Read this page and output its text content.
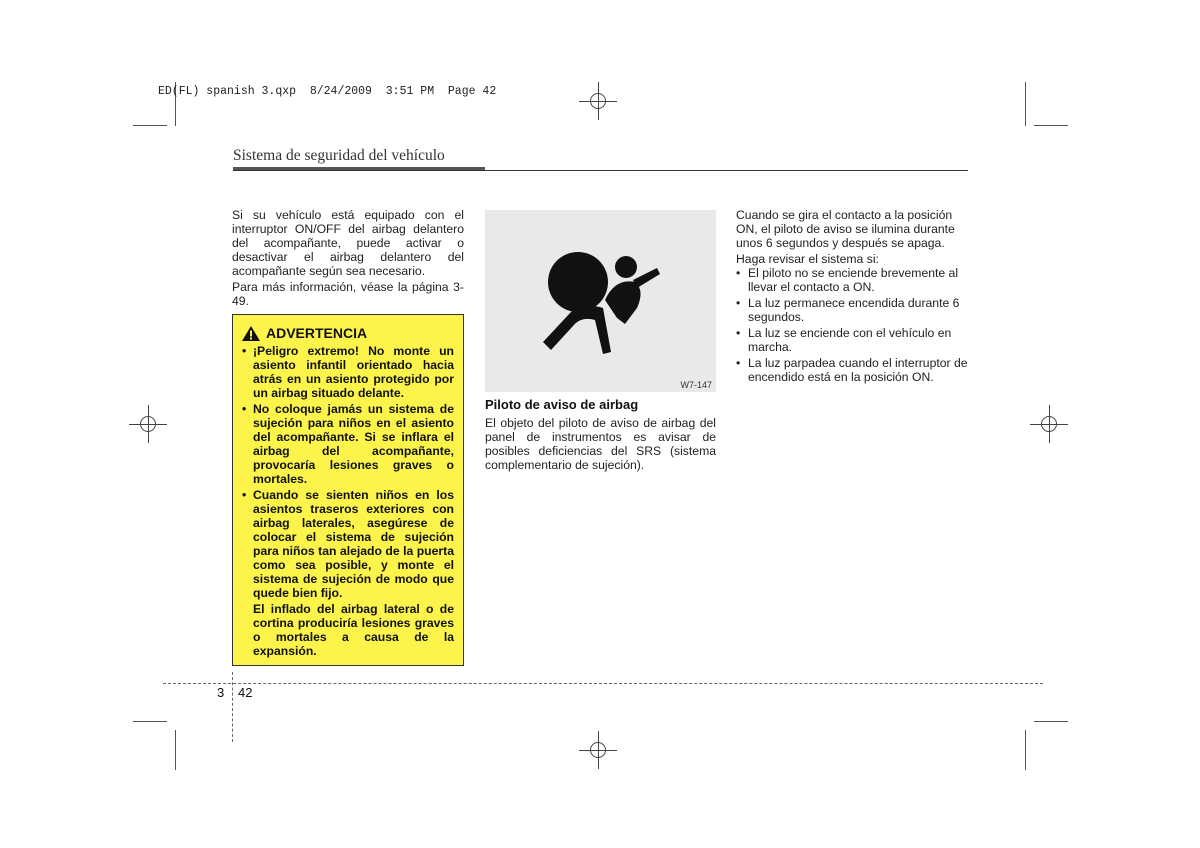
ED(FL) spanish 3.qxp 8/24/2009 3:51 PM Page 42
Sistema de seguridad del vehículo

Si su vehículo está equipado con el interruptor ON/OFF del airbag delantero del acompañante, puede activar o desactivar el airbag delantero del acompañante según sea necesario.

Para más información, véase la página 3-49.

ADVERTENCIA
• ¡Peligro extremo! No monte un asiento infantil orientado hacia atrás en un asiento protegido por un airbag situado delante.
• No coloque jamás un sistema de sujeción para niños en el asiento del acompañante. Si se inflara el airbag del acompañante, provocaría lesiones graves o mortales.
• Cuando se sienten niños en los asientos traseros exteriores con airbag laterales, asegúrese de colocar el sistema de sujeción para niños tan alejado de la puerta como sea posible, y monte el sistema de sujeción de modo que quede bien fijo.
El inflado del airbag lateral o de cortina produciría lesiones graves o mortales a causa de la expansión.
W7-147
Piloto de aviso de airbag

El objeto del piloto de aviso de airbag del panel de instrumentos es avisar de posibles deficiencias del SRS (sistema complementario de sujeción).

Cuando se gira el contacto a la posición ON, el piloto de aviso se ilumina durante unos 6 segundos y después se apaga.

Haga revisar el sistema si:

• El piloto no se enciende brevemente al llevar el contacto a ON.
• La luz permanece encendida durante 6 segundos.
• La luz se enciende con el vehículo en marcha.
• La luz parpadea cuando el interruptor de encendido está en la posición ON.
3 42
